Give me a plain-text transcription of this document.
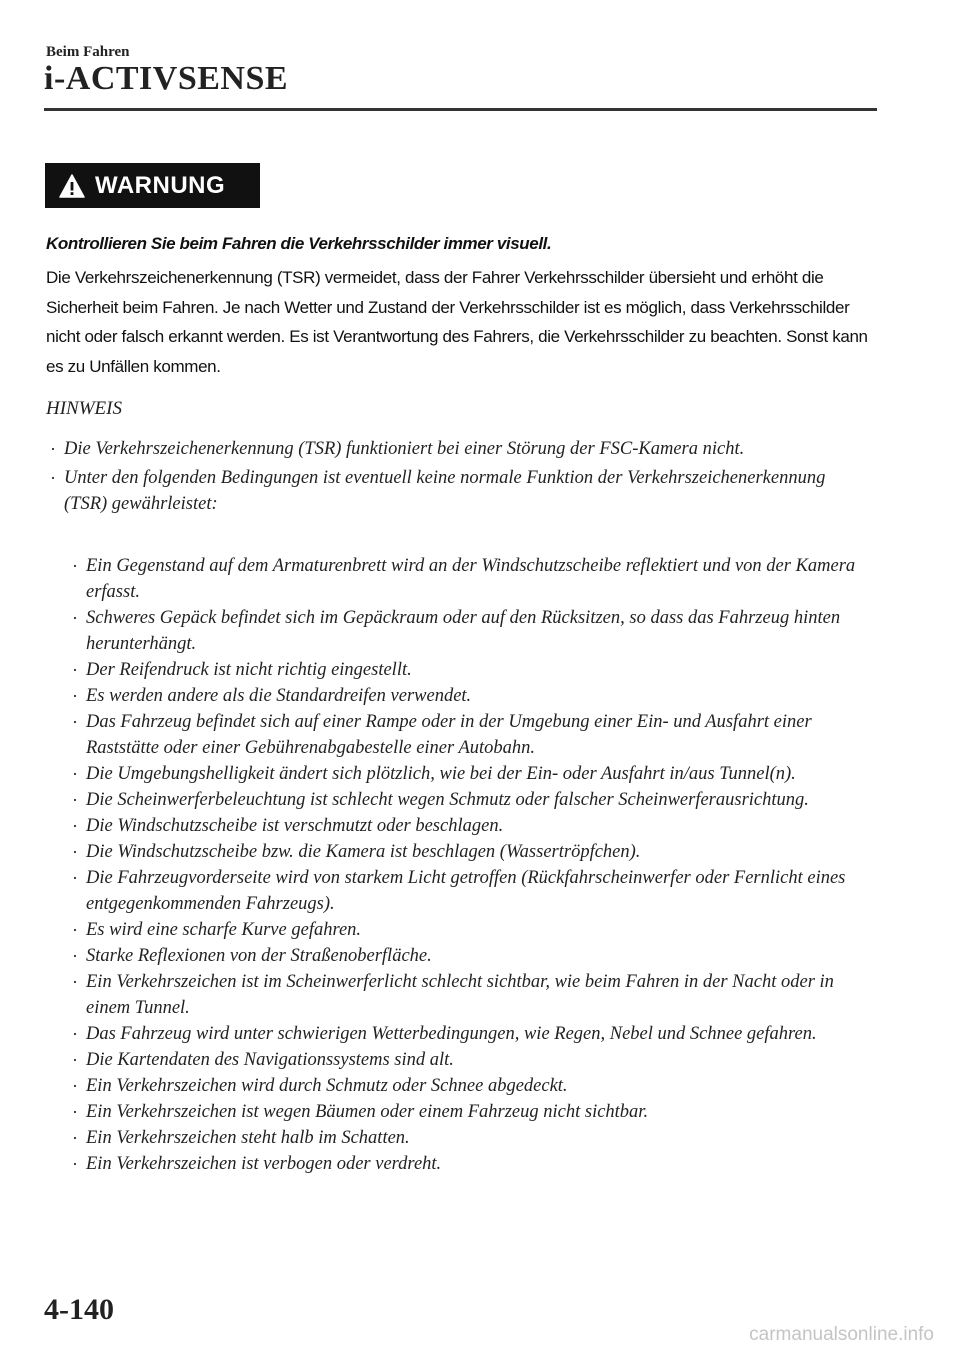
Beim Fahren
i-ACTIVSENSE
WARNUNG
Kontrollieren Sie beim Fahren die Verkehrsschilder immer visuell.
Die Verkehrszeichenerkennung (TSR) vermeidet, dass der Fahrer Verkehrsschilder übersieht und erhöht die Sicherheit beim Fahren. Je nach Wetter und Zustand der Verkehrsschilder ist es möglich, dass Verkehrsschilder nicht oder falsch erkannt werden. Es ist Verantwortung des Fahrers, die Verkehrsschilder zu beachten. Sonst kann es zu Unfällen kommen.
HINWEIS
· Die Verkehrszeichenerkennung (TSR) funktioniert bei einer Störung der FSC-Kamera nicht.
· Unter den folgenden Bedingungen ist eventuell keine normale Funktion der Verkehrszeichenerkennung (TSR) gewährleistet:
· Ein Gegenstand auf dem Armaturenbrett wird an der Windschutzscheibe reflektiert und von der Kamera erfasst.
· Schweres Gepäck befindet sich im Gepäckraum oder auf den Rücksitzen, so dass das Fahrzeug hinten herunterhängt.
· Der Reifendruck ist nicht richtig eingestellt.
· Es werden andere als die Standardreifen verwendet.
· Das Fahrzeug befindet sich auf einer Rampe oder in der Umgebung einer Ein- und Ausfahrt einer Raststätte oder einer Gebührenabgabestelle einer Autobahn.
· Die Umgebungshelligkeit ändert sich plötzlich, wie bei der Ein- oder Ausfahrt in/aus Tunnel(n).
· Die Scheinwerferbeleuchtung ist schlecht wegen Schmutz oder falscher Scheinwerferausrichtung.
· Die Windschutzscheibe ist verschmutzt oder beschlagen.
· Die Windschutzscheibe bzw. die Kamera ist beschlagen (Wassertröpfchen).
· Die Fahrzeugvorderseite wird von starkem Licht getroffen (Rückfahrscheinwerfer oder Fernlicht eines entgegenkommenden Fahrzeugs).
· Es wird eine scharfe Kurve gefahren.
· Starke Reflexionen von der Straßenoberfläche.
· Ein Verkehrszeichen ist im Scheinwerferlicht schlecht sichtbar, wie beim Fahren in der Nacht oder in einem Tunnel.
· Das Fahrzeug wird unter schwierigen Wetterbedingungen, wie Regen, Nebel und Schnee gefahren.
· Die Kartendaten des Navigationssystems sind alt.
· Ein Verkehrszeichen wird durch Schmutz oder Schnee abgedeckt.
· Ein Verkehrszeichen ist wegen Bäumen oder einem Fahrzeug nicht sichtbar.
· Ein Verkehrszeichen steht halb im Schatten.
· Ein Verkehrszeichen ist verbogen oder verdreht.
4-140
carmanualsonline.info
